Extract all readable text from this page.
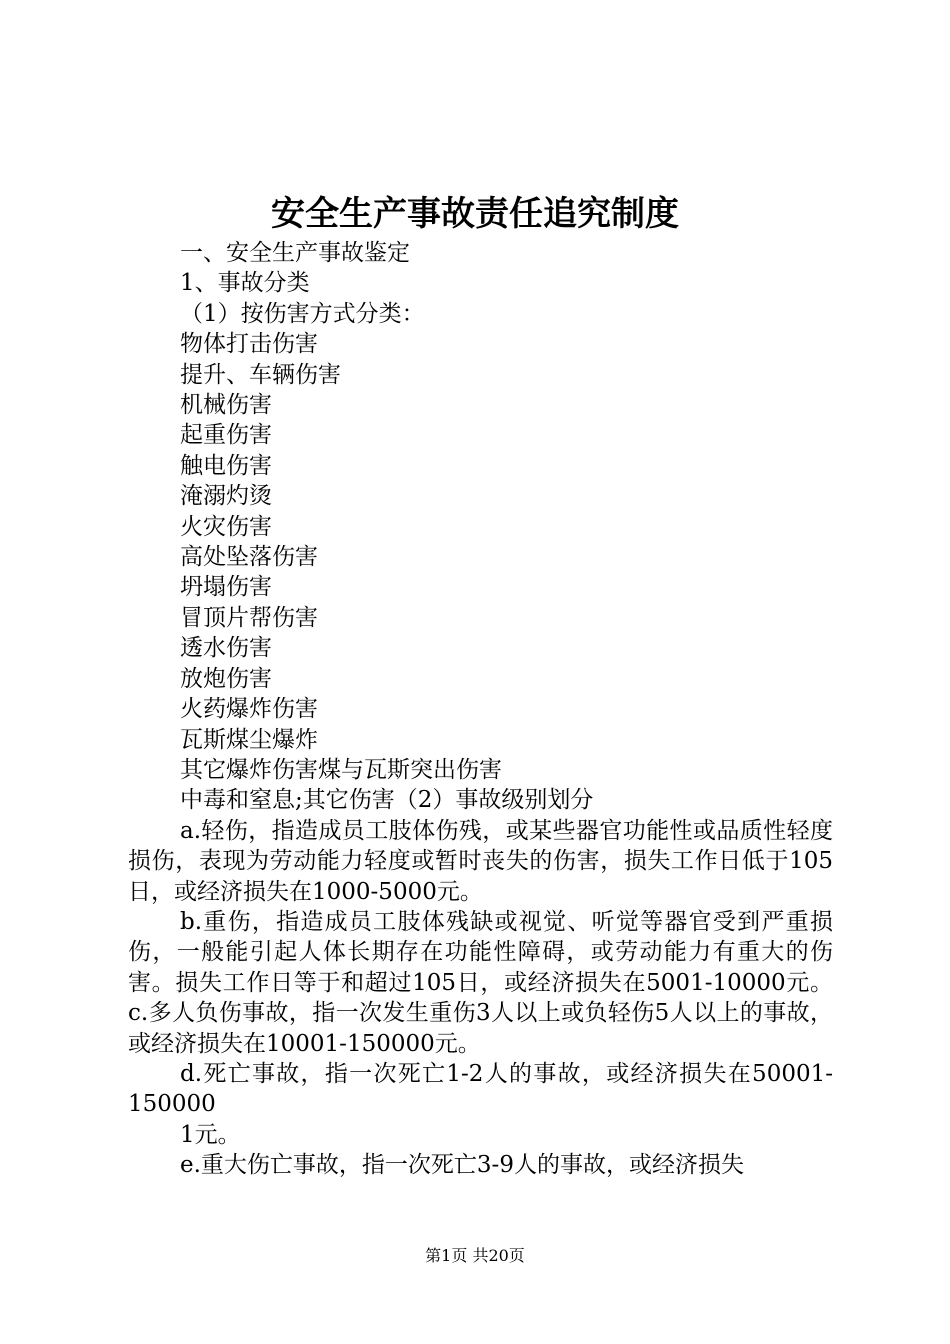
安全生产事故责任追究制度
一、安全生产事故鉴定
1、事故分类
（1）按伤害方式分类：
物体打击伤害
提升、车辆伤害
机械伤害
起重伤害
触电伤害
淹溺灼烫
火灾伤害
高处坠落伤害
坍塌伤害
冒顶片帮伤害
透水伤害
放炮伤害
火药爆炸伤害
瓦斯煤尘爆炸
其它爆炸伤害煤与瓦斯突出伤害
中毒和窒息;其它伤害（2）事故级别划分

a.轻伤，指造成员工肢体伤残，或某些器官功能性或品质性轻度损伤，表现为劳动能力轻度或暂时丧失的伤害，损失工作日低于105日，或经济损失在1000-5000元。

b.重伤，指造成员工肢体残缺或视觉、听觉等器官受到严重损伤，一般能引起人体长期存在功能性障碍，或劳动能力有重大的伤害。损失工作日等于和超过105日，或经济损失在5001-10000元。c.多人负伤事故，指一次发生重伤3人以上或负轻伤5人以上的事故，或经济损失在10001-150000元。

d.死亡事故，指一次死亡1-2人的事故，或经济损失在50001-150000

1元。

e.重大伤亡事故，指一次死亡3-9人的事故，或经济损失

第1页 共20页
